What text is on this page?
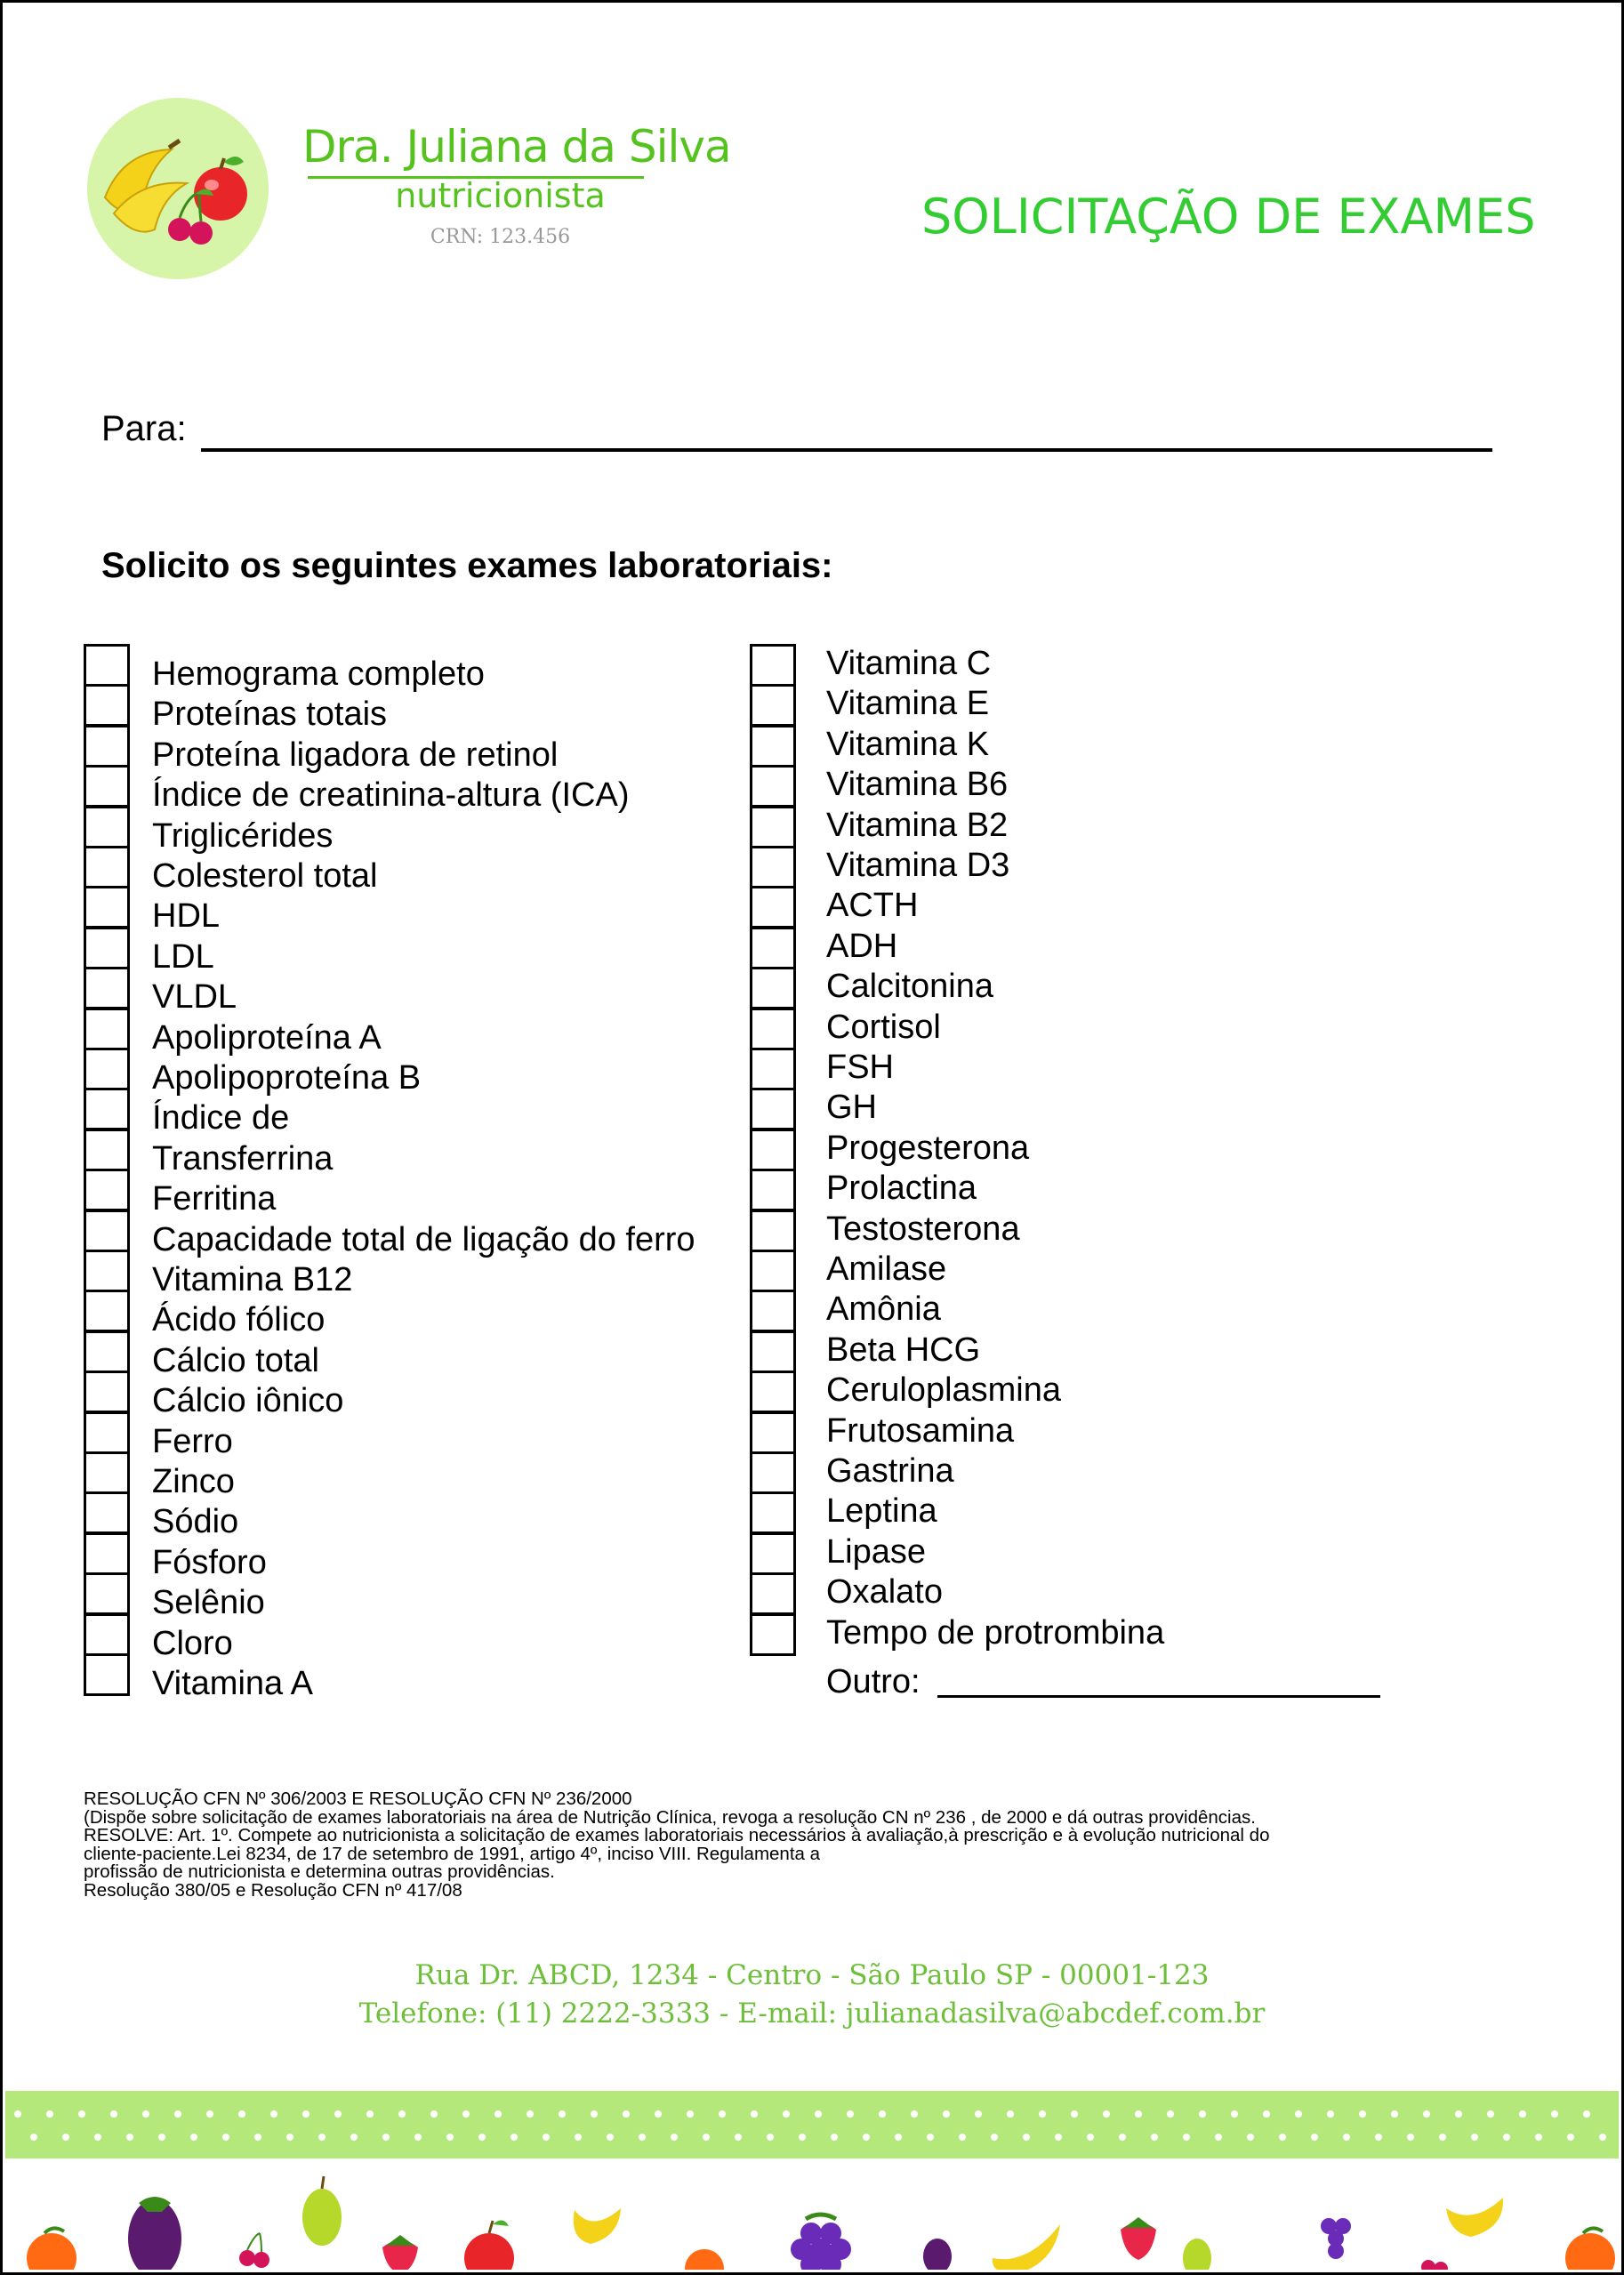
Dra. Juliana da Silva
nutricionista
CRN: 123.456	SOLICITAÇÃO DE EXAMES
Para:
Solicito os seguintes exames laboratoriais:
Hemograma completo
Proteínas totais
Proteína ligadora de retinol
Índice de creatinina-altura (ICA)
Triglicérides
Colesterol total
HDL
LDL
VLDL
Apoliproteína A
Apolipoproteína B
Índice de
Transferrina
Ferritina
Capacidade total de ligação do ferro
Vitamina B12
Ácido fólico
Cálcio total
Cálcio iônico
Ferro
Zinco
Sódio
Fósforo
Selênio
Cloro
Vitamina A
Vitamina C
Vitamina E
Vitamina K
Vitamina B6
Vitamina B2
Vitamina D3
ACTH
ADH
Calcitonina
Cortisol
FSH
GH
Progesterona
Prolactina
Testosterona
Amilase
Amônia
Beta HCG
Ceruloplasmina
Frutosamina
Gastrina
Leptina
Lipase
Oxalato
Tempo de protrombina
Outro:
RESOLUÇÃO CFN Nº 306/2003 E RESOLUÇÃO CFN Nº 236/2000
(Dispõe sobre solicitação de exames laboratoriais na área de Nutrição Clínica, revoga a resolução CN nº 236 , de 2000 e dá outras providências.
RESOLVE: Art. 1º. Compete ao nutricionista a solicitação de exames laboratoriais necessários à avaliação,à prescrição e à evolução nutricional do
cliente-paciente.Lei 8234, de 17 de setembro de 1991, artigo 4º, inciso VIII. Regulamenta a
profissão de nutricionista e determina outras providências.
Resolução 380/05 e Resolução CFN nº 417/08
Rua Dr. ABCD, 1234 - Centro - São Paulo SP - 00001-123
Telefone: (11) 2222-3333 - E-mail: julianadasilva@abcdef.com.br
